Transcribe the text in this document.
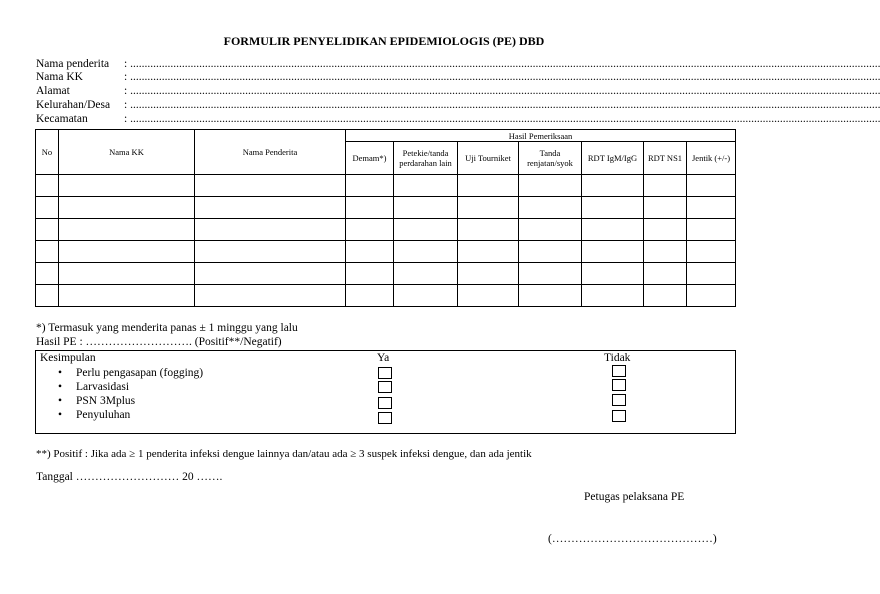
FORMULIR PENYELIDIKAN EPIDEMIOLOGIS (PE) DBD
Nama penderita : .....................................................................................................................................................................................................................................................................
Nama KK	: .....................................................................................................................................................................................................................................................................
Alamat	: .....................................................................................................................................................................................................................................................................
Kelurahan/Desa : .....................................................................................................................................................................................................................................................................
Kecamatan	: .....................................................................................................................................................................................................................................................................
No	Nama KK	Nama Penderita	Hasil Pemeriksaan						
			Demam*)	Petekie/tanda perdarahan lain	Uji Tourniket	Tanda renjatan/syok	RDT IgM/IgG	RDT NS1	Jentik (+/-)

*) Termasuk yang menderita panas ± 1 minggu yang lalu
Hasil PE : ………………………. (Positif**/Negatif)
Kesimpulan	Ya	Tidak
• Perlu pengasapan (fogging)
• Larvasidasi
• PSN 3Mplus
• Penyuluhan
**) Positif : Jika ada ≥ 1 penderita infeksi dengue lainnya dan/atau ada ≥ 3 suspek infeksi dengue, dan ada jentik
Tanggal ……………………… 20 …….
Petugas pelaksana PE
(……………………………………)
